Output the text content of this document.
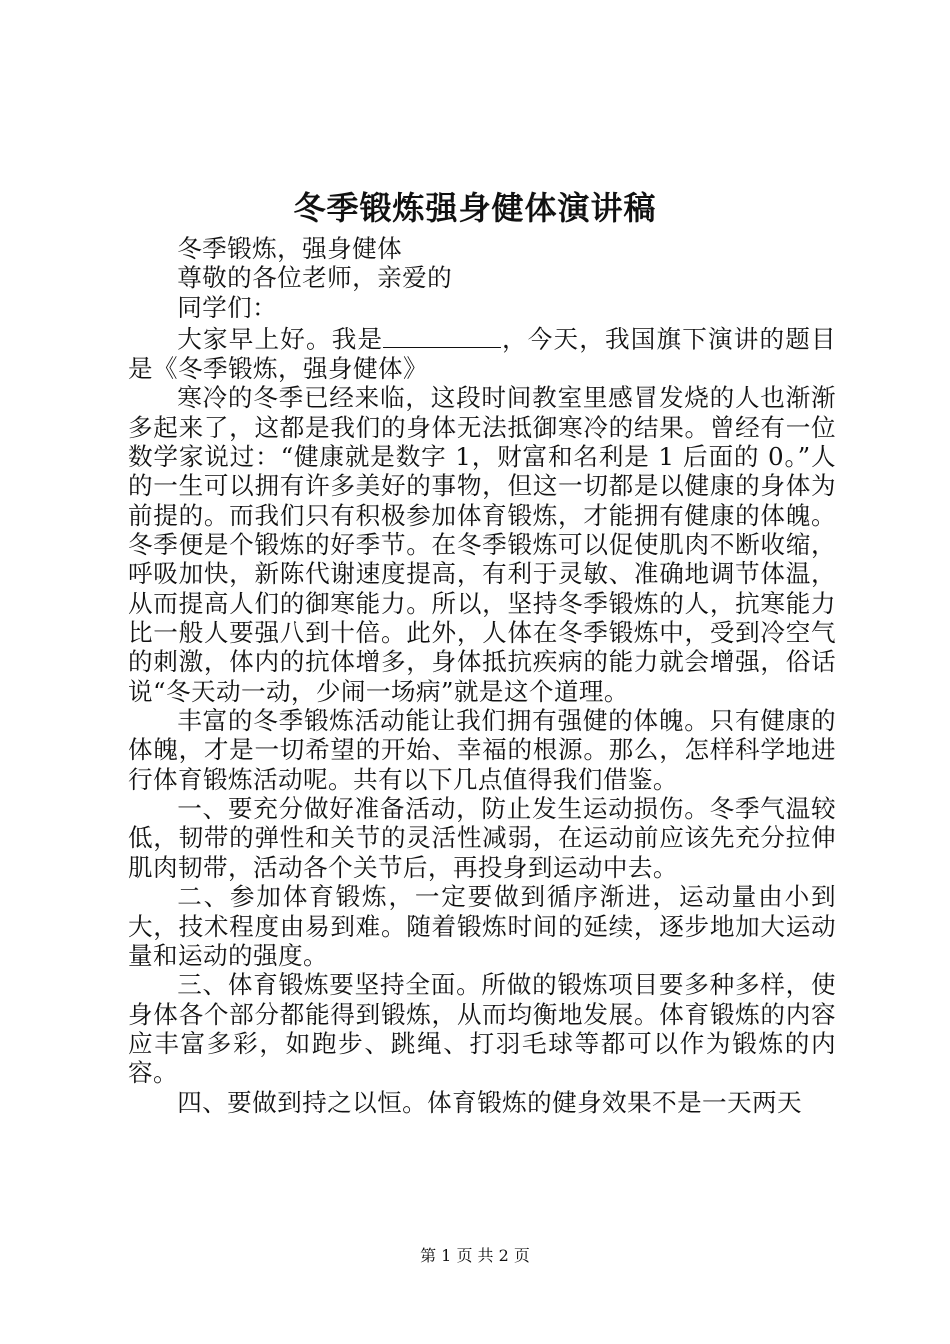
冬季锻炼强身健体演讲稿

冬季锻炼，强身健体

尊敬的各位老师，亲爱的

同学们：

大家早上好。我是	，今天，我国旗下演讲的题目是《冬季锻炼，强身健体》

寒冷的冬季已经来临，这段时间教室里感冒发烧的人也渐渐多起来了，这都是我们的身体无法抵御寒冷的结果。曾经有一位数学家说过：“健康就是数字 1，财富和名利是 1 后面的 0。”人的一生可以拥有许多美好的事物，但这一切都是以健康的身体为前提的。而我们只有积极参加体育锻炼，才能拥有健康的体魄。冬季便是个锻炼的好季节。在冬季锻炼可以促使肌肉不断收缩，呼吸加快，新陈代谢速度提高，有利于灵敏、准确地调节体温，从而提高人们的御寒能力。所以，坚持冬季锻炼的人，抗寒能力比一般人要强八到十倍。此外，人体在冬季锻炼中，受到冷空气的刺激，体内的抗体增多，身体抵抗疾病的能力就会增强，俗话说“冬天动一动，少闹一场病”就是这个道理。

丰富的冬季锻炼活动能让我们拥有强健的体魄。只有健康的体魄，才是一切希望的开始、幸福的根源。那么，怎样科学地进行体育锻炼活动呢。共有以下几点值得我们借鉴。

一、要充分做好准备活动，防止发生运动损伤。冬季气温较低，韧带的弹性和关节的灵活性减弱，在运动前应该先充分拉伸肌肉韧带，活动各个关节后，再投身到运动中去。

二、参加体育锻炼，一定要做到循序渐进，运动量由小到大，技术程度由易到难。随着锻炼时间的延续，逐步地加大运动量和运动的强度。

三、体育锻炼要坚持全面。所做的锻炼项目要多种多样，使身体各个部分都能得到锻炼，从而均衡地发展。体育锻炼的内容应丰富多彩，如跑步、跳绳、打羽毛球等都可以作为锻炼的内容。

四、要做到持之以恒。体育锻炼的健身效果不是一天两天

第 1 页 共 2 页
